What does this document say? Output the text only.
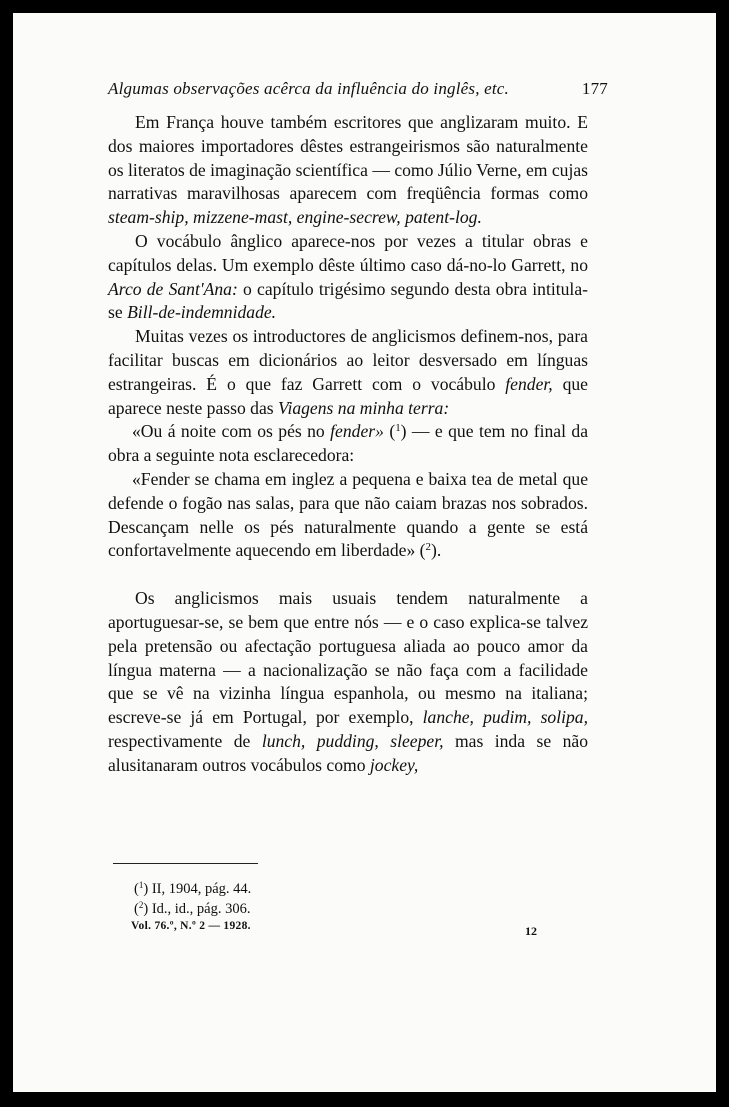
Algumas observações acêrca da influência do inglês, etc.	177

Em França houve também escritores que anglizaram muito. E dos maiores importadores dêstes estrangeirismos são naturalmente os literatos de imaginação scientífica — como Júlio Verne, em cujas narrativas maravilhosas aparecem com freqüência formas como steam-ship, mizzene-mast, engine-secrew, patent-log.

O vocábulo ânglico aparece-nos por vezes a titular obras e capítulos delas. Um exemplo dêste último caso dá-no-lo Garrett, no Arco de Sant'Ana: o capítulo trigésimo segundo desta obra intitula-se Bill-de-indemnidade.

Muitas vezes os introductores de anglicismos definem-nos, para facilitar buscas em dicionários ao leitor desversado em línguas estrangeiras. É o que faz Garrett com o vocábulo fender, que aparece neste passo das Viagens na minha terra:

«Ou á noite com os pés no fender» ($^1$) — e que tem no final da obra a seguinte nota esclarecedora:

«Fender se chama em inglez a pequena e baixa tea de metal que defende o fogão nas salas, para que não caiam brazas nos sobrados. Descançam nelle os pés naturalmente quando a gente se está confortavelmente aquecendo em liberdade» ($^2$).

Os anglicismos mais usuais tendem naturalmente a aportuguesar-se, se bem que entre nós — e o caso explica-se talvez pela pretensão ou afectação portuguesa aliada ao pouco amor da língua materna — a nacionalização se não faça com a facilidade que se vê na vizinha língua espanhola, ou mesmo na italiana; escreve-se já em Portugal, por exemplo, lanche, pudim, solipa, respectivamente de lunch, pudding, sleeper, mas inda se não alusitanaram outros vocábulos como jockey,

($^1$) II, 1904, pág. 44.
($^2$) Id., id., pág. 306.
Vol. 76.º, N.º 2 — 1928.	12
